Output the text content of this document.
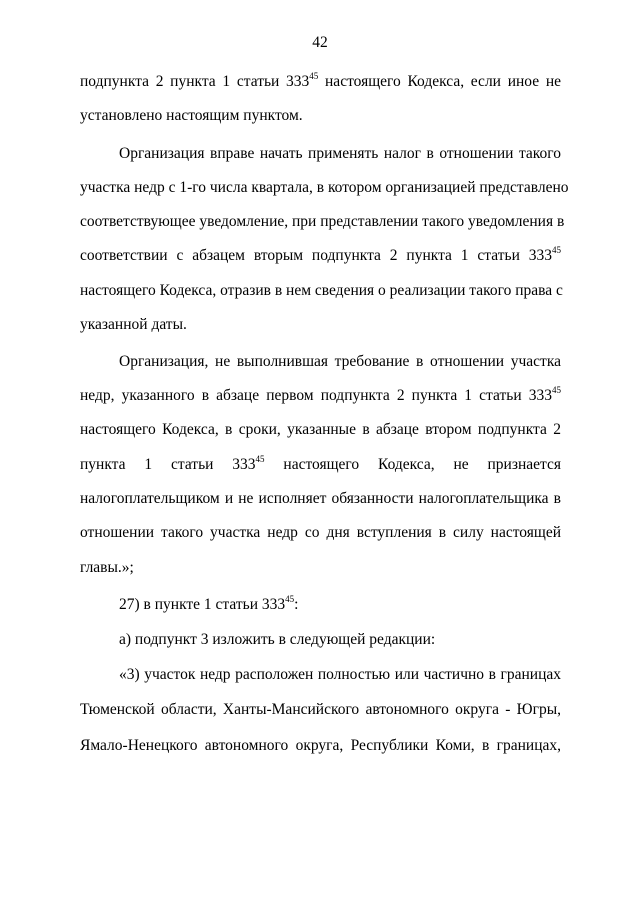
42
подпункта 2 пункта 1 статьи $333^{45}$ настоящего Кодекса, если иное не
установлено настоящим пунктом.
Организация вправе начать применять налог в отношении такого
участка недр с 1-го числа квартала, в котором организацией представлено
соответствующее уведомление, при представлении такого уведомления в
соответствии с абзацем вторым подпункта 2 пункта 1 статьи $333^{45}$
настоящего Кодекса, отразив в нем сведения о реализации такого права с
указанной даты.
Организация, не выполнившая требование в отношении участка
недр, указанного в абзаце первом подпункта 2 пункта 1 статьи $333^{45}$
настоящего Кодекса, в сроки, указанные в абзаце втором подпункта 2
пункта 1 статьи $333^{45}$ настоящего Кодекса, не признается
налогоплательщиком и не исполняет обязанности налогоплательщика в
отношении такого участка недр со дня вступления в силу настоящей
главы.»;
27) в пункте 1 статьи $333^{45}$:
а) подпункт 3 изложить в следующей редакции:
«3) участок недр расположен полностью или частично в границах
Тюменской области, Ханты-Мансийского автономного округа - Югры,
Ямало-Ненецкого автономного округа, Республики Коми, в границах,
